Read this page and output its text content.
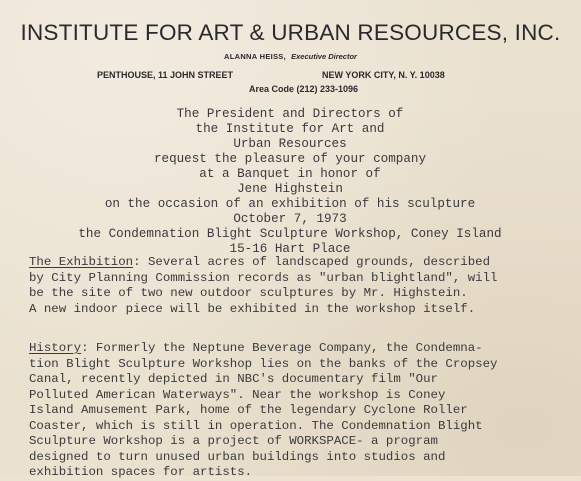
INSTITUTE FOR ART & URBAN RESOURCES, INC.
ALANNA HEISS, Executive Director
PENTHOUSE, 11 JOHN STREET	NEW YORK CITY, N. Y. 10038
Area Code (212) 233-1096
The President and Directors of
the Institute for Art and
Urban Resources
request the pleasure of your company
at a Banquet in honor of
Jene Highstein
on the occasion of an exhibition of his sculpture
October 7, 1973
the Condemnation Blight Sculpture Workshop, Coney Island
15-16 Hart Place
The Exhibition: Several acres of landscaped grounds, described
by City Planning Commission records as "urban blightland", will
be the site of two new outdoor sculptures by Mr. Highstein.
A new indoor piece will be exhibited in the workshop itself.
History: Formerly the Neptune Beverage Company, the Condemna-
tion Blight Sculpture Workshop lies on the banks of the Cropsey
Canal, recently depicted in NBC's documentary film "Our
Polluted American Waterways". Near the workshop is Coney
Island Amusement Park, home of the legendary Cyclone Roller
Coaster, which is still in operation. The Condemnation Blight
Sculpture Workshop is a project of WORKSPACE- a program
designed to turn unused urban buildings into studios and
exhibition spaces for artists.
